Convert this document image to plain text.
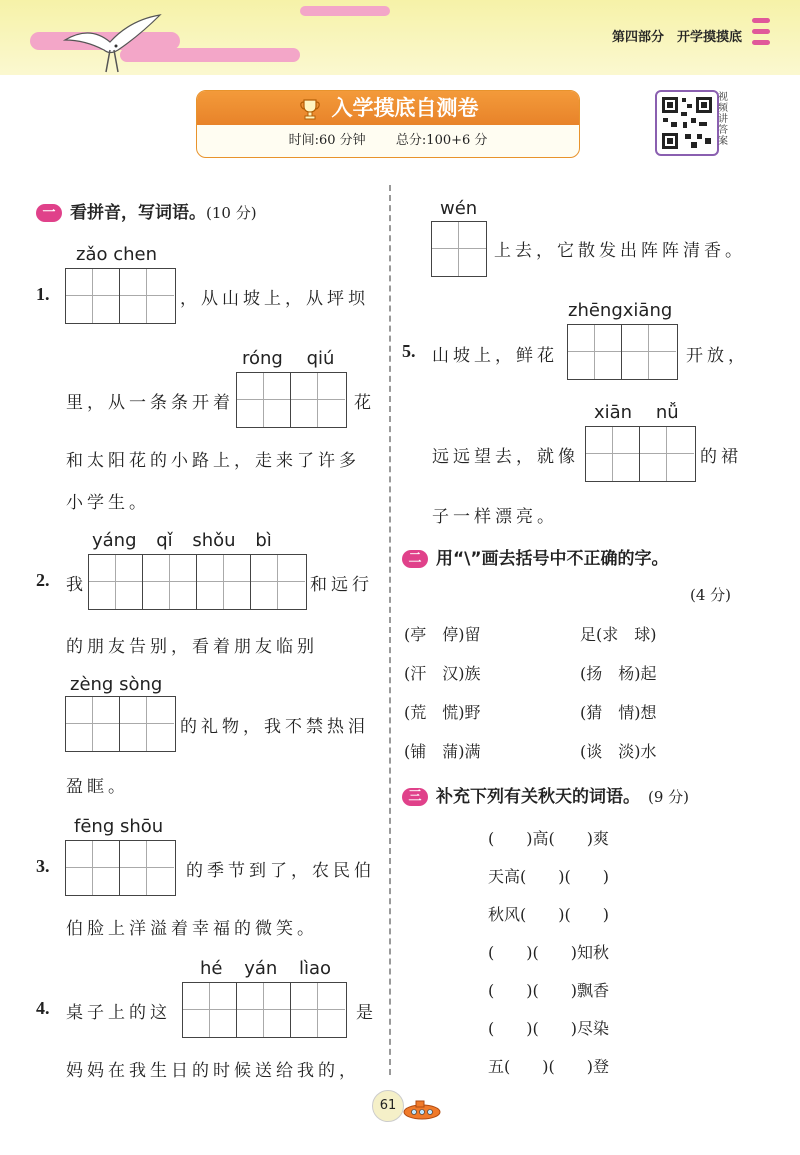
第四部分　开学摸摸底
入学摸底自测卷
时间:60 分钟 总分:100+6 分
视频讲答案
一 看拼音，写词语。(10 分)
zǎo chen
1.	，从山坡上，从坪坝
róng qiú
里，从一条条开着	花
和太阳花的小路上，走来了许多
小学生。
yáng qǐ shǒu bì
2. 我	和远行
的朋友告别，看着朋友临别
zèng sòng
的礼物，我不禁热泪
盈眶。
fēng shōu
3.	的季节到了，农民伯
伯脸上洋溢着幸福的微笑。
hé yán lìao
4. 桌子上的这	是
妈妈在我生日的时候送给我的，
wén
上去，它散发出阵阵清香。
zhēngxiāng
5. 山坡上，鲜花	开放，
xiān nǚ
远远望去，就像	的裙
子一样漂亮。
二 用“\”画去括号中不正确的字。
(4 分)
(亭　停)留	足(求　球)
(汗　汉)族	(扬　杨)起
(荒　慌)野	(猜　情)想
(铺　蒲)满	(谈　淡)水
三 补充下列有关秋天的词语。 (9 分)
(　　)高(　　)爽
天高(　　)(　　)
秋风(　　)(　　)
(　　)(　　)知秋
(　　)(　　)飘香
(　　)(　　)尽染
五(　　)(　　)登
61
